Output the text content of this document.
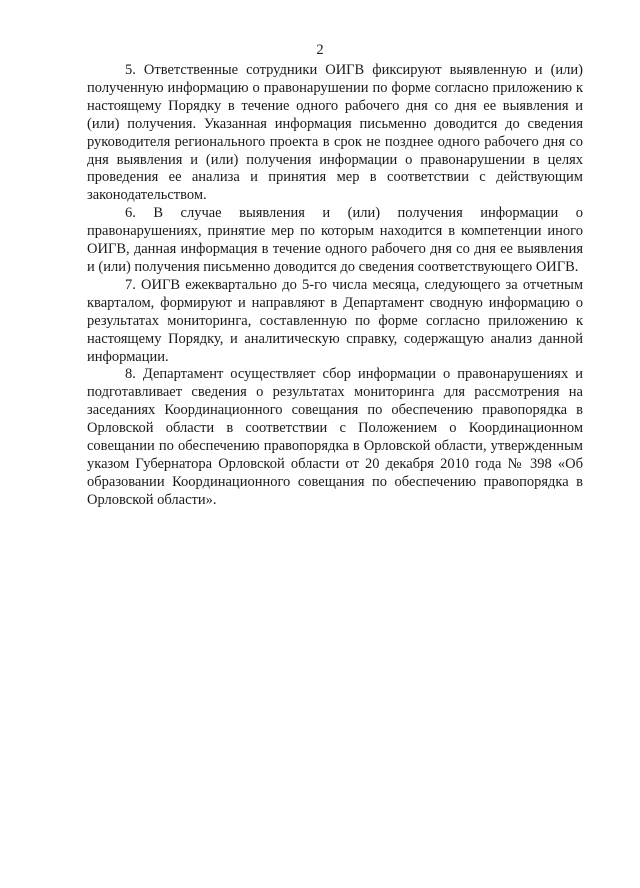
2

5. Ответственные сотрудники ОИГВ фиксируют выявленную и (или) полученную информацию о правонарушении по форме согласно приложению к настоящему Порядку в течение одного рабочего дня со дня ее выявления и (или) получения. Указанная информация письменно доводится до сведения руководителя регионального проекта в срок не позднее одного рабочего дня со дня выявления и (или) получения информации о правонарушении в целях проведения ее анализа и принятия мер в соответствии с действующим законодательством.

6. В случае выявления и (или) получения информации о правонарушениях, принятие мер по которым находится в компетенции иного ОИГВ, данная информация в течение одного рабочего дня со дня ее выявления и (или) получения письменно доводится до сведения соответствующего ОИГВ.

7. ОИГВ ежеквартально до 5-го числа месяца, следующего за отчетным кварталом, формируют и направляют в Департамент сводную информацию о результатах мониторинга, составленную по форме согласно приложению к настоящему Порядку, и аналитическую справку, содержащую анализ данной информации.

8. Департамент осуществляет сбор информации о правонарушениях и подготавливает сведения о результатах мониторинга для рассмотрения на заседаниях Координационного совещания по обеспечению правопорядка в Орловской области в соответствии с Положением о Координационном совещании по обеспечению правопорядка в Орловской области, утвержденным указом Губернатора Орловской области от 20 декабря 2010 года № 398 «Об образовании Координационного совещания по обеспечению правопорядка в Орловской области».
